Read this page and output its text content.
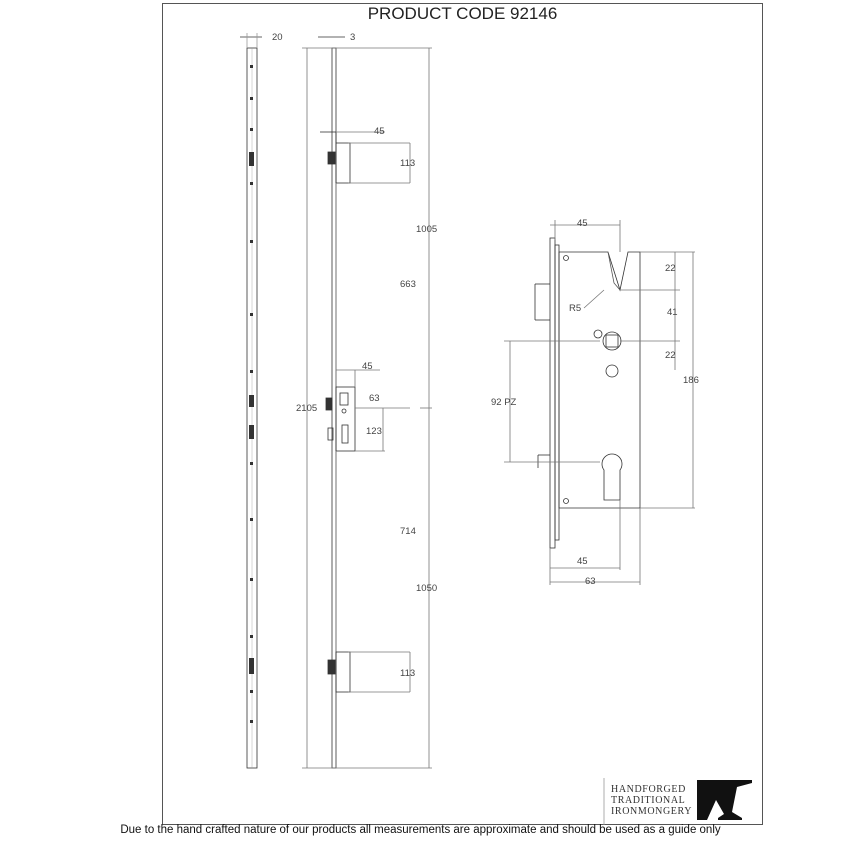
PRODUCT CODE 92146
20	3
45
113
1005
663
45
63
2105
123
714
1050
113
45
22
R5	41
22
186
92 PZ
45
63
HANDFORGED
TRADITIONAL
IRONMONGERY
Due to the hand crafted nature of our products all measurements are approximate and should be used as a guide only
